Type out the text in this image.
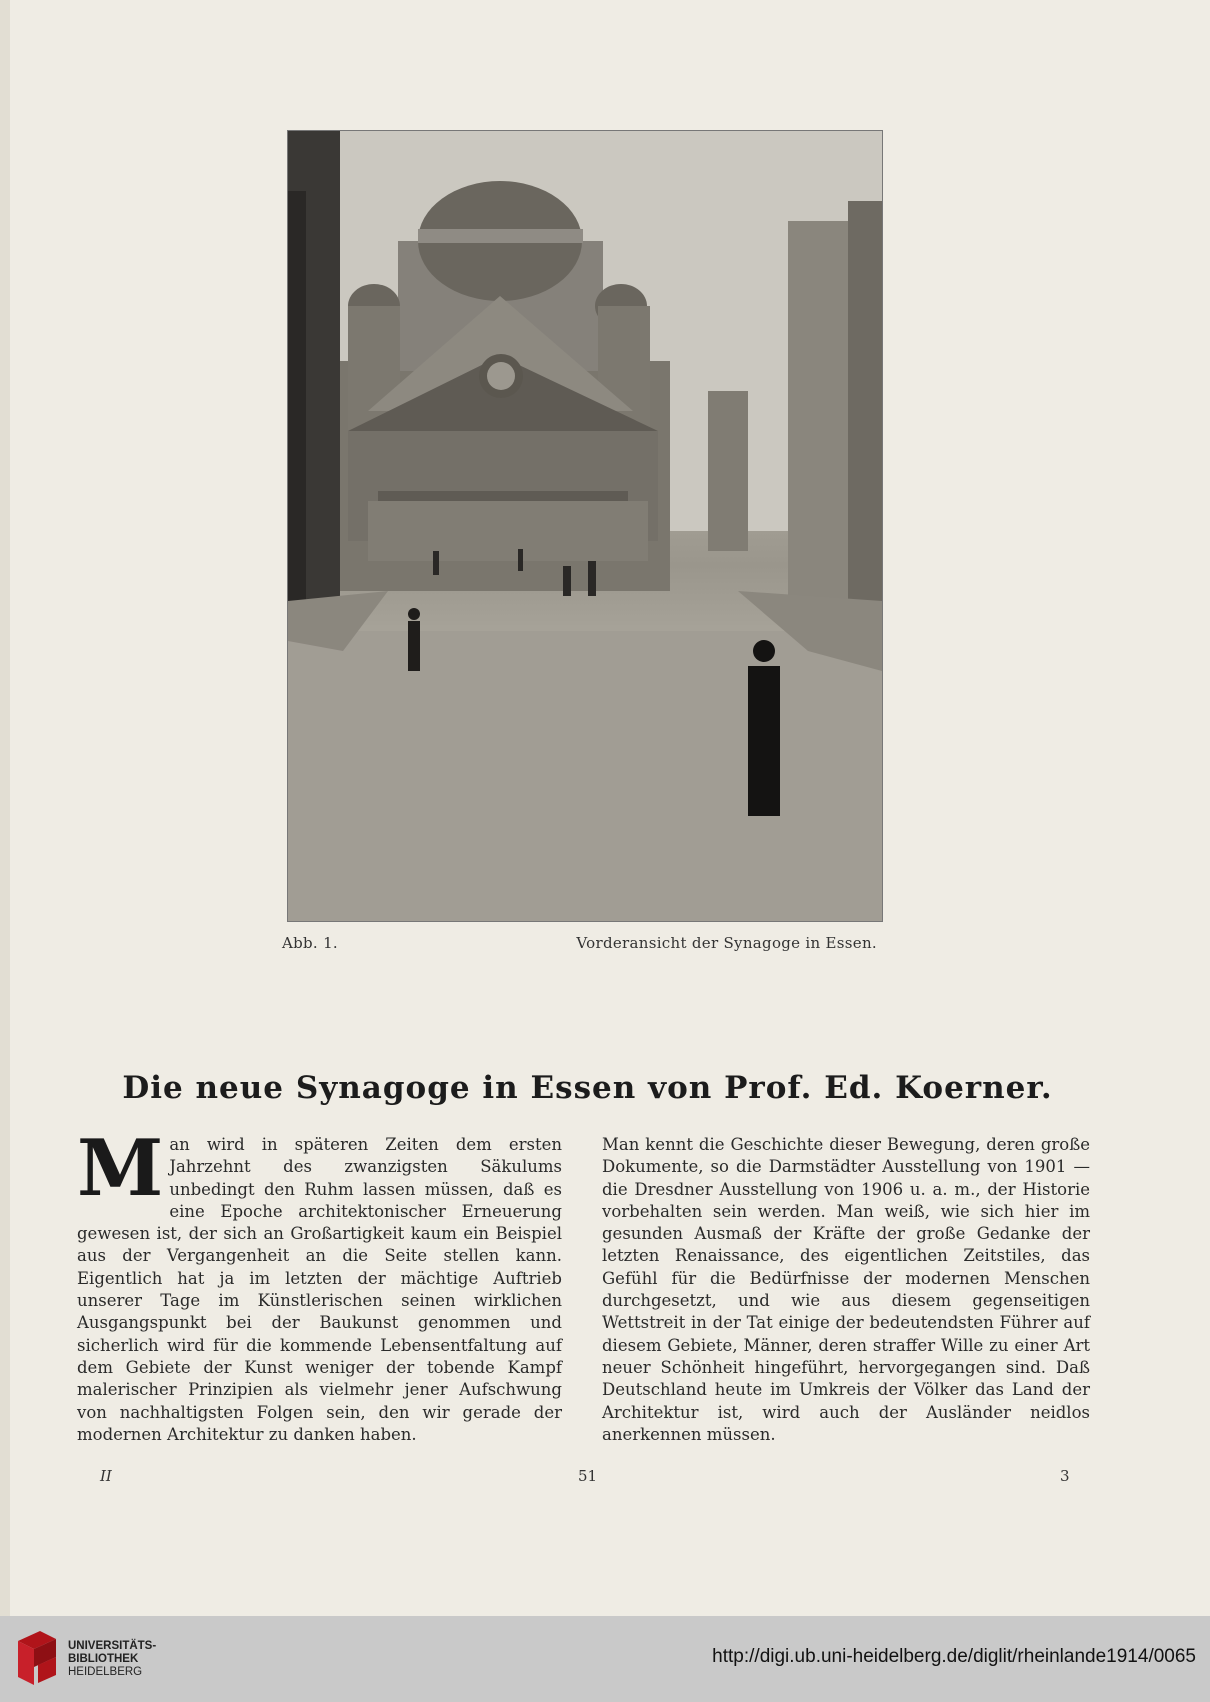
Abb. 1.	Vorderansicht der Synagoge in Essen.
Die neue Synagoge in Essen von Prof. Ed. Koerner.
Man wird in späteren Zeiten dem ersten Jahrzehnt des zwanzigsten Säkulums unbedingt den Ruhm lassen müssen, daß es eine Epoche architektonischer Erneuerung gewesen ist, der sich an Großartigkeit kaum ein Beispiel aus der Vergangenheit an die Seite stellen kann. Eigentlich hat ja im letzten der mächtige Auftrieb unserer Tage im Künstlerischen seinen wirklichen Ausgangspunkt bei der Baukunst genommen und sicherlich wird für die kommende Lebensentfaltung auf dem Gebiete der Kunst weniger der tobende Kampf malerischer Prinzipien als vielmehr jener Aufschwung von nachhaltigsten Folgen sein, den wir gerade der modernen Architektur zu danken haben.
Man kennt die Geschichte dieser Bewegung, deren große Dokumente, so die Darmstädter Ausstellung von 1901 — die Dresdner Ausstellung von 1906 u. a. m., der Historie vorbehalten sein werden. Man weiß, wie sich hier im gesunden Ausmaß der Kräfte der große Gedanke der letzten Renaissance, des eigentlichen Zeitstiles, das Gefühl für die Bedürfnisse der modernen Menschen durchgesetzt, und wie aus diesem gegenseitigen Wettstreit in der Tat einige der bedeutendsten Führer auf diesem Gebiete, Männer, deren straffer Wille zu einer Art neuer Schönheit hingeführt, hervorgegangen sind. Daß Deutschland heute im Umkreis der Völker das Land der Architektur ist, wird auch der Ausländer neidlos anerkennen müssen.
II	51	3
UNIVERSITÄTS-
BIBLIOTHEK
HEIDELBERG
http://digi.ub.uni-heidelberg.de/diglit/rheinlande1914/0065
